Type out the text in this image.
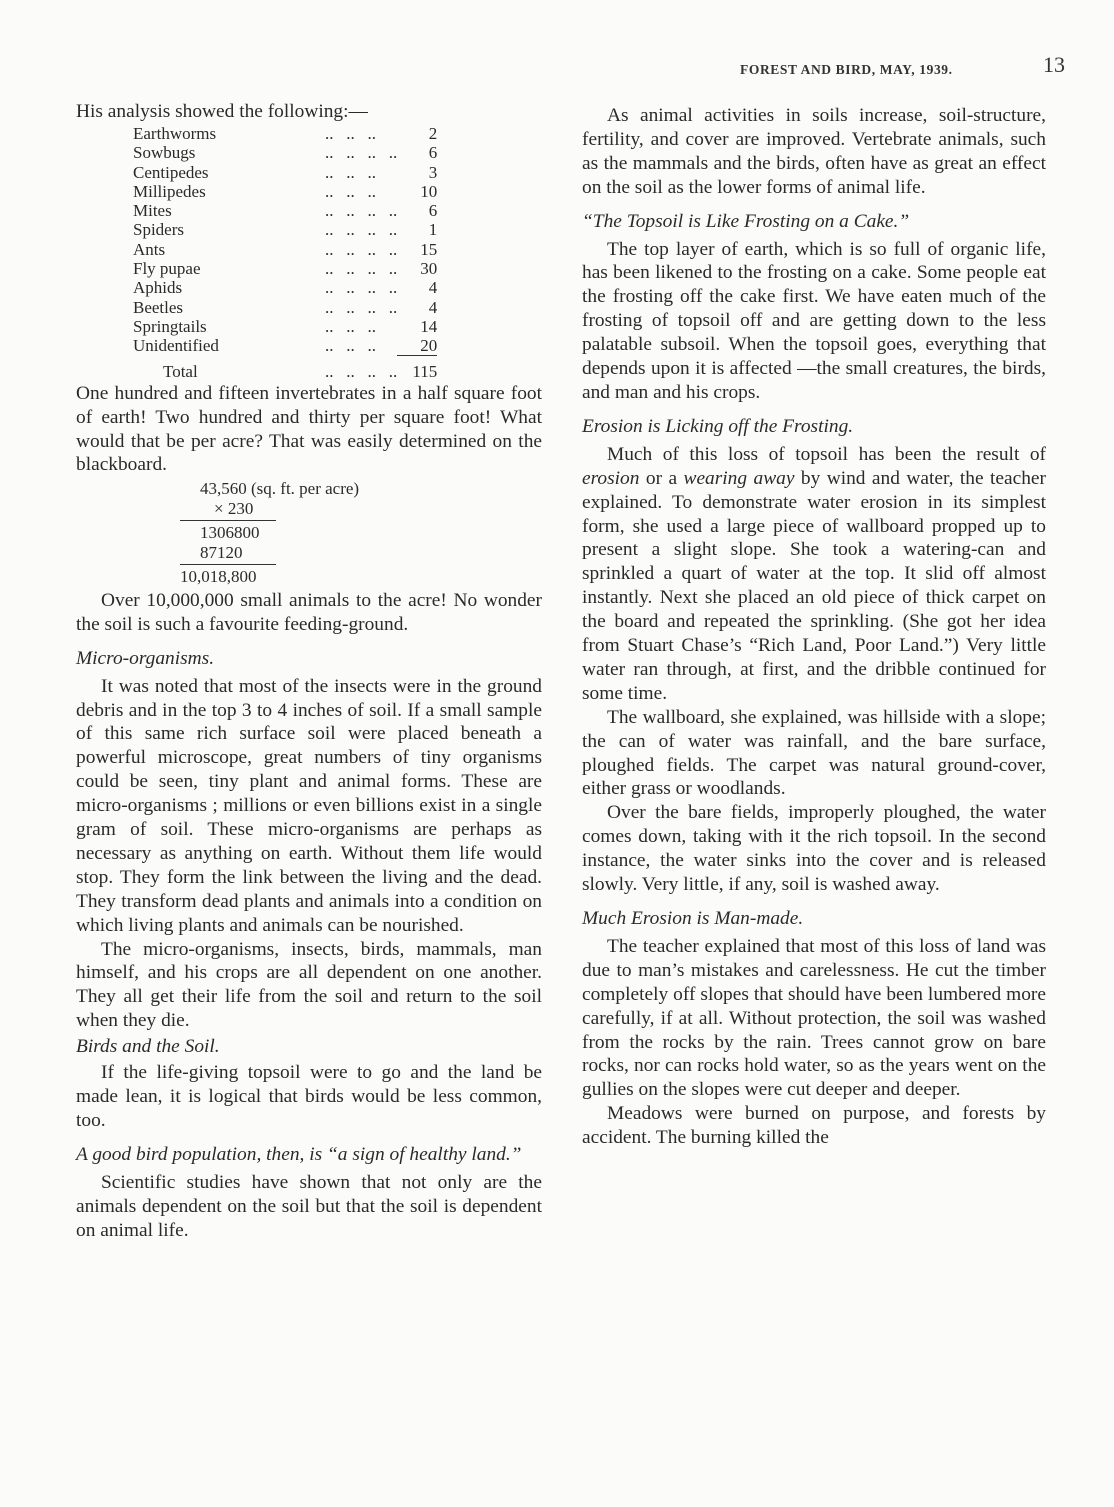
FOREST AND BIRD, MAY, 1939.	13

His analysis showed the following:—

Earthworms	..   ..   ..	2
Sowbugs	..   ..   ..   ..	6
Centipedes	..   ..   ..	3
Millipedes	..   ..   ..	10
Mites	..   ..   ..   ..	6
Spiders	..   ..   ..   ..	1
Ants	..   ..   ..   ..	15
Fly pupae	..   ..   ..   ..	30
Aphids	..   ..   ..   ..	4
Beetles	..   ..   ..   ..	4
Springtails	..   ..   ..	14
Unidentified	..   ..   ..	20
Total	..   ..   ..   ..	115

One hundred and fifteen invertebrates in a half square foot of earth! Two hundred and thirty per square foot! What would that be per acre? That was easily determined on the blackboard.

43,560 (sq. ft. per acre)
× 230
1306800
87120
10,018,800

Over 10,000,000 small animals to the acre! No wonder the soil is such a favourite feeding-ground.

Micro-organisms.

It was noted that most of the insects were in the ground debris and in the top 3 to 4 inches of soil. If a small sample of this same rich surface soil were placed beneath a powerful microscope, great numbers of tiny organisms could be seen, tiny plant and animal forms. These are micro-organisms ; millions or even billions exist in a single gram of soil. These micro-organisms are perhaps as necessary as anything on earth. Without them life would stop. They form the link between the living and the dead. They transform dead plants and animals into a condition on which living plants and animals can be nourished.

The micro-organisms, insects, birds, mammals, man himself, and his crops are all dependent on one another. They all get their life from the soil and return to the soil when they die.

Birds and the Soil.

If the life-giving topsoil were to go and the land be made lean, it is logical that birds would be less common, too.

A good bird population, then, is “a sign of healthy land.”

Scientific studies have shown that not only are the animals dependent on the soil but that the soil is dependent on animal life.

As animal activities in soils increase, soil-structure, fertility, and cover are improved. Vertebrate animals, such as the mammals and the birds, often have as great an effect on the soil as the lower forms of animal life.

“The Topsoil is Like Frosting on a Cake.”

The top layer of earth, which is so full of organic life, has been likened to the frosting on a cake. Some people eat the frosting off the cake first. We have eaten much of the frosting of topsoil off and are getting down to the less palatable subsoil. When the topsoil goes, everything that depends upon it is affected —the small creatures, the birds, and man and his crops.

Erosion is Licking off the Frosting.

Much of this loss of topsoil has been the result of erosion or a wearing away by wind and water, the teacher explained. To demonstrate water erosion in its simplest form, she used a large piece of wallboard propped up to present a slight slope. She took a watering-can and sprinkled a quart of water at the top. It slid off almost instantly. Next she placed an old piece of thick carpet on the board and repeated the sprinkling. (She got her idea from Stuart Chase’s “Rich Land, Poor Land.”) Very little water ran through, at first, and the dribble continued for some time.

The wallboard, she explained, was hillside with a slope; the can of water was rainfall, and the bare surface, ploughed fields. The carpet was natural ground-cover, either grass or woodlands.

Over the bare fields, improperly ploughed, the water comes down, taking with it the rich topsoil. In the second instance, the water sinks into the cover and is released slowly. Very little, if any, soil is washed away.

Much Erosion is Man-made.

The teacher explained that most of this loss of land was due to man’s mistakes and carelessness. He cut the timber completely off slopes that should have been lumbered more carefully, if at all. Without protection, the soil was washed from the rocks by the rain. Trees cannot grow on bare rocks, nor can rocks hold water, so as the years went on the gullies on the slopes were cut deeper and deeper.

Meadows were burned on purpose, and forests by accident. The burning killed the
